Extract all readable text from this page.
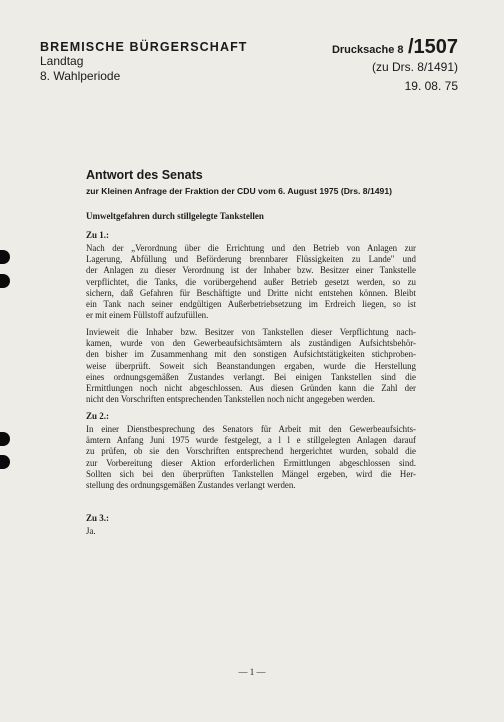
BREMISCHE BÜRGERSCHAFT
Landtag
8. Wahlperiode
Drucksache 8 /1507
(zu Drs. 8/1491)
19. 08. 75
Antwort des Senats
zur Kleinen Anfrage der Fraktion der CDU vom 6. August 1975 (Drs. 8/1491)
Umweltgefahren durch stillgelegte Tankstellen
Zu 1.:

Nach der „Verordnung über die Errichtung und den Betrieb von Anlagen zur
Lagerung, Abfüllung und Beförderung brennbarer Flüssigkeiten zu Lande" und
der Anlagen zu dieser Verordnung ist der Inhaber bzw. Besitzer einer Tankstelle
verpflichtet, die Tanks, die vorübergehend außer Betrieb gesetzt werden, so zu
sichern, daß Gefahren für Beschäftigte und Dritte nicht entstehen können. Bleibt
ein Tank nach seiner endgültigen Außerbetriebsetzung im Erdreich liegen, so ist
er mit einem Füllstoff aufzufüllen.

Invieweit die Inhaber bzw. Besitzer von Tankstellen dieser Verpflichtung nach-
kamen, wurde von den Gewerbeaufsichtsämtern als zuständigen Aufsichtsbehör-
den bisher im Zusammenhang mit den sonstigen Aufsichtstätigkeiten stichproben-
weise überprüft. Soweit sich Beanstandungen ergaben, wurde die Herstellung
eines ordnungsgemäßen Zustandes verlangt. Bei einigen Tankstellen sind die
Ermittlungen noch nicht abgeschlossen. Aus diesen Gründen kann die Zahl der
nicht den Vorschriften entsprechenden Tankstellen noch nicht angegeben werden.

Zu 2.:

In einer Dienstbesprechung des Senators für Arbeit mit den Gewerbeaufsichts-
ämtern Anfang Juni 1975 wurde festgelegt, a l l e stillgelegten Anlagen darauf
zu prüfen, ob sie den Vorschriften entsprechend hergerichtet wurden, sobald die
zur Vorbereitung dieser Aktion erforderlichen Ermittlungen abgeschlossen sind.
Sollten sich bei den überprüften Tankstellen Mängel ergeben, wird die Her-
stellung des ordnungsgemäßen Zustandes verlangt werden.

Zu 3.:

Ja.

— 1 —
